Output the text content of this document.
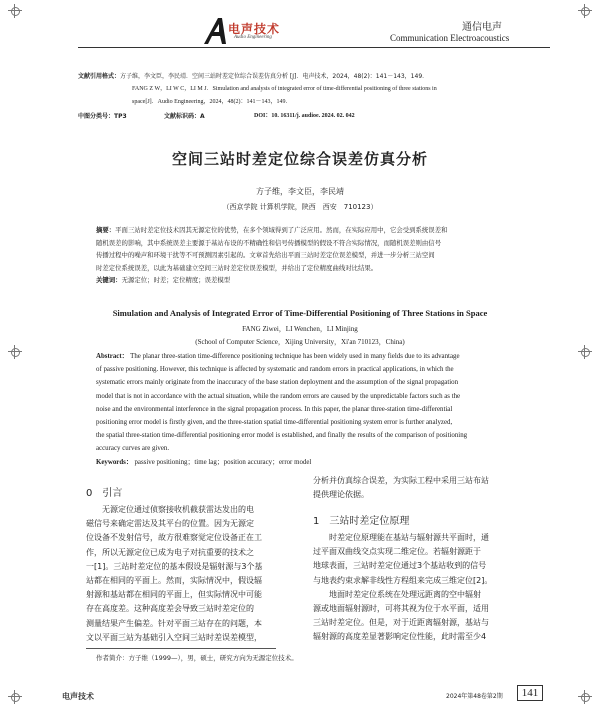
电声技术
Audio Engineering
通信电声
Communication Electroacoustics
文献引用格式：方子维，李文臣，李民靖．空间三站时差定位综合误差仿真分析 [J]．电声技术，2024，48(2)：141－143，149．
FANG Z W，LI W C，LI M J．Simulation and analysis of integrated error of time-differential positioning of three stations in
space[J]．Audio Engineering，2024，48(2)：141－143，149．
中图分类号：TP3	文献标识码：A	DOI：10. 16311/j. audioe. 2024. 02. 042
空间三站时差定位综合误差仿真分析
方子维，李文臣，李民靖
（西京学院 计算机学院，陕西　西安　710123）
摘要：平面三站时差定位技术因其无源定位的优势，在多个领域得到了广泛应用。然而，在实际应用中，它会受到系统误差和
随机误差的影响，其中系统误差主要源于基站布设的不精确性和信号传播模型的假设不符合实际情况，而随机误差则由信号
传播过程中的噪声和环境干扰等不可预测因素引起的。文章首先给出平面三站时差定位误差模型，并进一步分析三站空间
时差定位系统误差，以此为基础建立空间三站时差定位误差模型，并给出了定位精度曲线对比结果。
关键词：无源定位；时差；定位精度；误差模型
Simulation and Analysis of Integrated Error of Time-Differential Positioning of Three Stations in Space
FANG Ziwei，LI Wenchen，LI Minjing
(School of Computer Science，Xijing University，Xi'an 710123，China)
Abstract： The planar three-station time-difference positioning technique has been widely used in many fields due to its advantage
of passive positioning. However, this technique is affected by systematic and random errors in practical applications, in which the
systematic errors mainly originate from the inaccuracy of the base station deployment and the assumption of the signal propagation
model that is not in accordance with the actual situation, while the random errors are caused by the unpredictable factors such as the
noise and the environmental interference in the signal propagation process. In this paper, the planar three-station time-differential
positioning error model is firstly given, and the three-station spatial time-differential positioning system error is further analyzed,
the spatial three-station time-differential positioning error model is established, and finally the results of the comparison of positioning
accuracy curves are given.
Keywords： passive positioning；time lag；position accuracy；error model
0　引言
无源定位通过侦察接收机截获雷达发出的电
磁信号来确定雷达及其平台的位置。因为无源定
位设备不发射信号，故方很难察觉定位设备正在工
作，所以无源定位已成为电子对抗重要的技术之
一[1]。三站时差定位的基本假设是辐射源与3个基
站都在相同的平面上。然而，实际情况中，假设辐
射源和基站都在相同的平面上，但实际情况中可能
存在高度差。这种高度差会导致三站时差定位的
测量结果产生偏差。针对平面三站存在的问题，本
文以平面三站为基础引入空间三站时差误差模型，
分析并仿真综合误差，为实际工程中采用三站布站
提供理论依据。
1　三站时差定位原理
时差定位原理能在基站与辐射源共平面时，通
过平面双曲线交点实现二维定位。若辐射源距于
地球表面，三站时差定位通过3个基站收到的信号
与地表约束求解非线性方程组来完成三维定位[2]。
地面时差定位系统在处理远距离的空中辐射
源或地面辐射源时，可将其视为位于水平面，适用
三站时差定位。但是，对于近距离辐射源，基站与
辐射源的高度差显著影响定位性能，此时需至少4
作者简介：方子维（1999—），男，硕士，研究方向为无源定位技术。
电声技术	2024年第48卷第2期	141
